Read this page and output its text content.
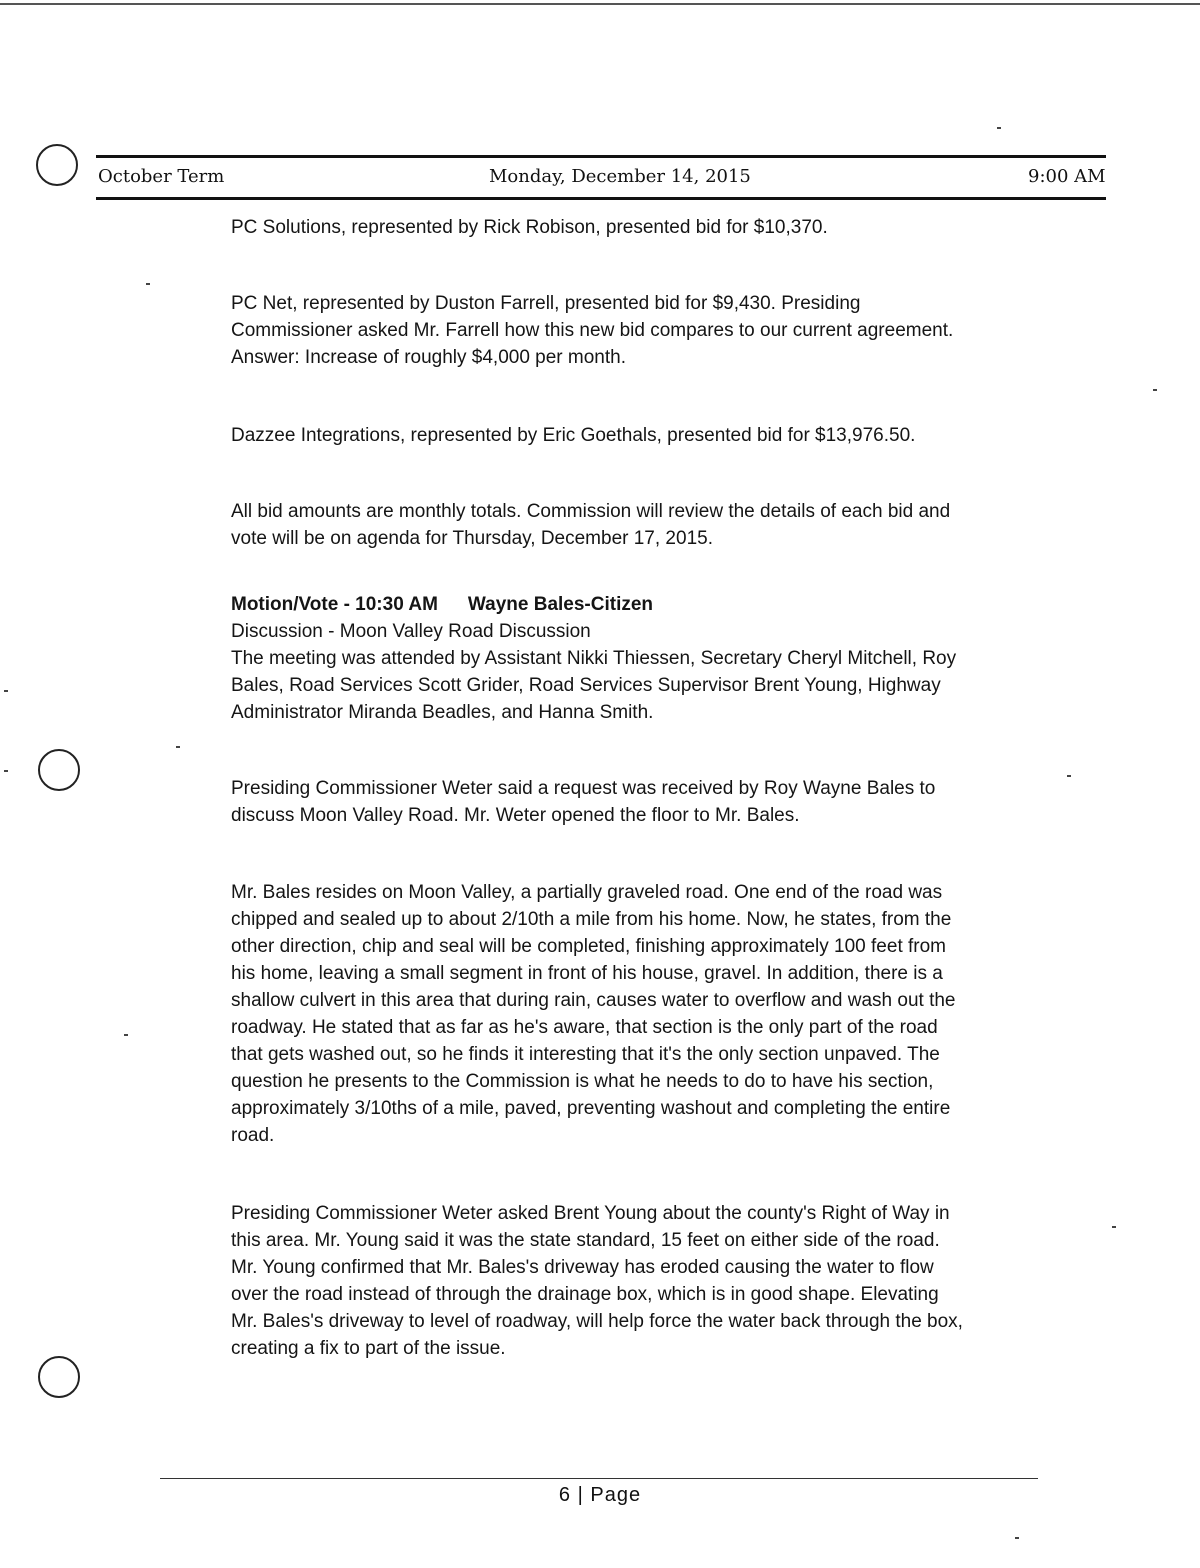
October Term	Monday, December 14, 2015	9:00 AM

PC Solutions, represented by Rick Robison, presented bid for $10,370.

PC Net, represented by Duston Farrell, presented bid for $9,430. Presiding

Commissioner asked Mr. Farrell how this new bid compares to our current agreement.

Answer: Increase of roughly $4,000 per month.

Dazzee Integrations, represented by Eric Goethals, presented bid for $13,976.50.

All bid amounts are monthly totals. Commission will review the details of each bid and

vote will be on agenda for Thursday, December 17, 2015.

Motion/Vote - 10:30 AM Wayne Bales-Citizen

Discussion - Moon Valley Road Discussion

The meeting was attended by Assistant Nikki Thiessen, Secretary Cheryl Mitchell, Roy

Bales, Road Services Scott Grider, Road Services Supervisor Brent Young, Highway

Administrator Miranda Beadles, and Hanna Smith.

Presiding Commissioner Weter said a request was received by Roy Wayne Bales to

discuss Moon Valley Road. Mr. Weter opened the floor to Mr. Bales.

Mr. Bales resides on Moon Valley, a partially graveled road. One end of the road was

chipped and sealed up to about 2/10th a mile from his home. Now, he states, from the

other direction, chip and seal will be completed, finishing approximately 100 feet from

his home, leaving a small segment in front of his house, gravel. In addition, there is a

shallow culvert in this area that during rain, causes water to overflow and wash out the

roadway. He stated that as far as he's aware, that section is the only part of the road

that gets washed out, so he finds it interesting that it's the only section unpaved. The

question he presents to the Commission is what he needs to do to have his section,

approximately 3/10ths of a mile, paved, preventing washout and completing the entire

road.

Presiding Commissioner Weter asked Brent Young about the county's Right of Way in

this area. Mr. Young said it was the state standard, 15 feet on either side of the road.

Mr. Young confirmed that Mr. Bales's driveway has eroded causing the water to flow

over the road instead of through the drainage box, which is in good shape. Elevating

Mr. Bales's driveway to level of roadway, will help force the water back through the box,

creating a fix to part of the issue.

6 | Page
